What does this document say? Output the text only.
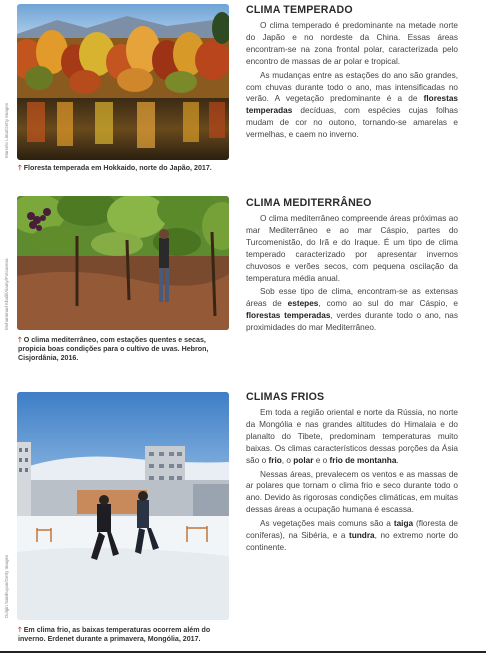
Marcelo Lima/Getty Images
🡑 Floresta temperada em Hokkaido, norte do Japão, 2017.
Mohammad Khalil/Alamy/Fotoarena
🡑 O clima mediterrâneo, com estações quentes e secas, propicia boas condições para o cultivo de uvas. Hebron, Cisjordânia, 2016.
Dolgin Sainbuyan/Getty Images
🡑 Em clima frio, as baixas temperaturas ocorrem além do inverno. Erdenet durante a primavera, Mongólia, 2017.
CLIMA TEMPERADO

O clima temperado é predominante na metade norte do Japão e no nordeste da China. Essas áreas encontram-se na zona frontal polar, caracterizada pelo encontro de massas de ar polar e tropical.

As mudanças entre as estações do ano são grandes, com chuvas durante todo o ano, mas intensificadas no verão. A vegetação predominante é a de florestas temperadas decíduas, com espécies cujas folhas mudam de cor no outono, tornando-se amarelas e vermelhas, e caem no inverno.

CLIMA MEDITERRÂNEO

O clima mediterrâneo compreende áreas próximas ao mar Mediterrâneo e ao mar Cáspio, partes do Turcomenistão, do Irã e do Iraque. É um tipo de clima temperado caracterizado por apresentar invernos chuvosos e verões secos, com pequena oscilação da temperatura média anual.

Sob esse tipo de clima, encontram-se as extensas áreas de estepes, como ao sul do mar Cáspio, e florestas temperadas, verdes durante todo o ano, nas proximidades do mar Mediterrâneo.

CLIMAS FRIOS

Em toda a região oriental e norte da Rússia, no norte da Mongólia e nas grandes altitudes do Himalaia e do planalto do Tibete, predominam temperaturas muito baixas. Os climas característicos dessas porções da Ásia são o frio, o polar e o frio de montanha.

Nessas áreas, prevalecem os ventos e as massas de ar polares que tornam o clima frio e seco durante todo o ano. Devido às rigorosas condições climáticas, em muitas dessas áreas a ocupação humana é escassa.

As vegetações mais comuns são a taiga (floresta de coníferas), na Sibéria, e a tundra, no extremo norte do continente.
